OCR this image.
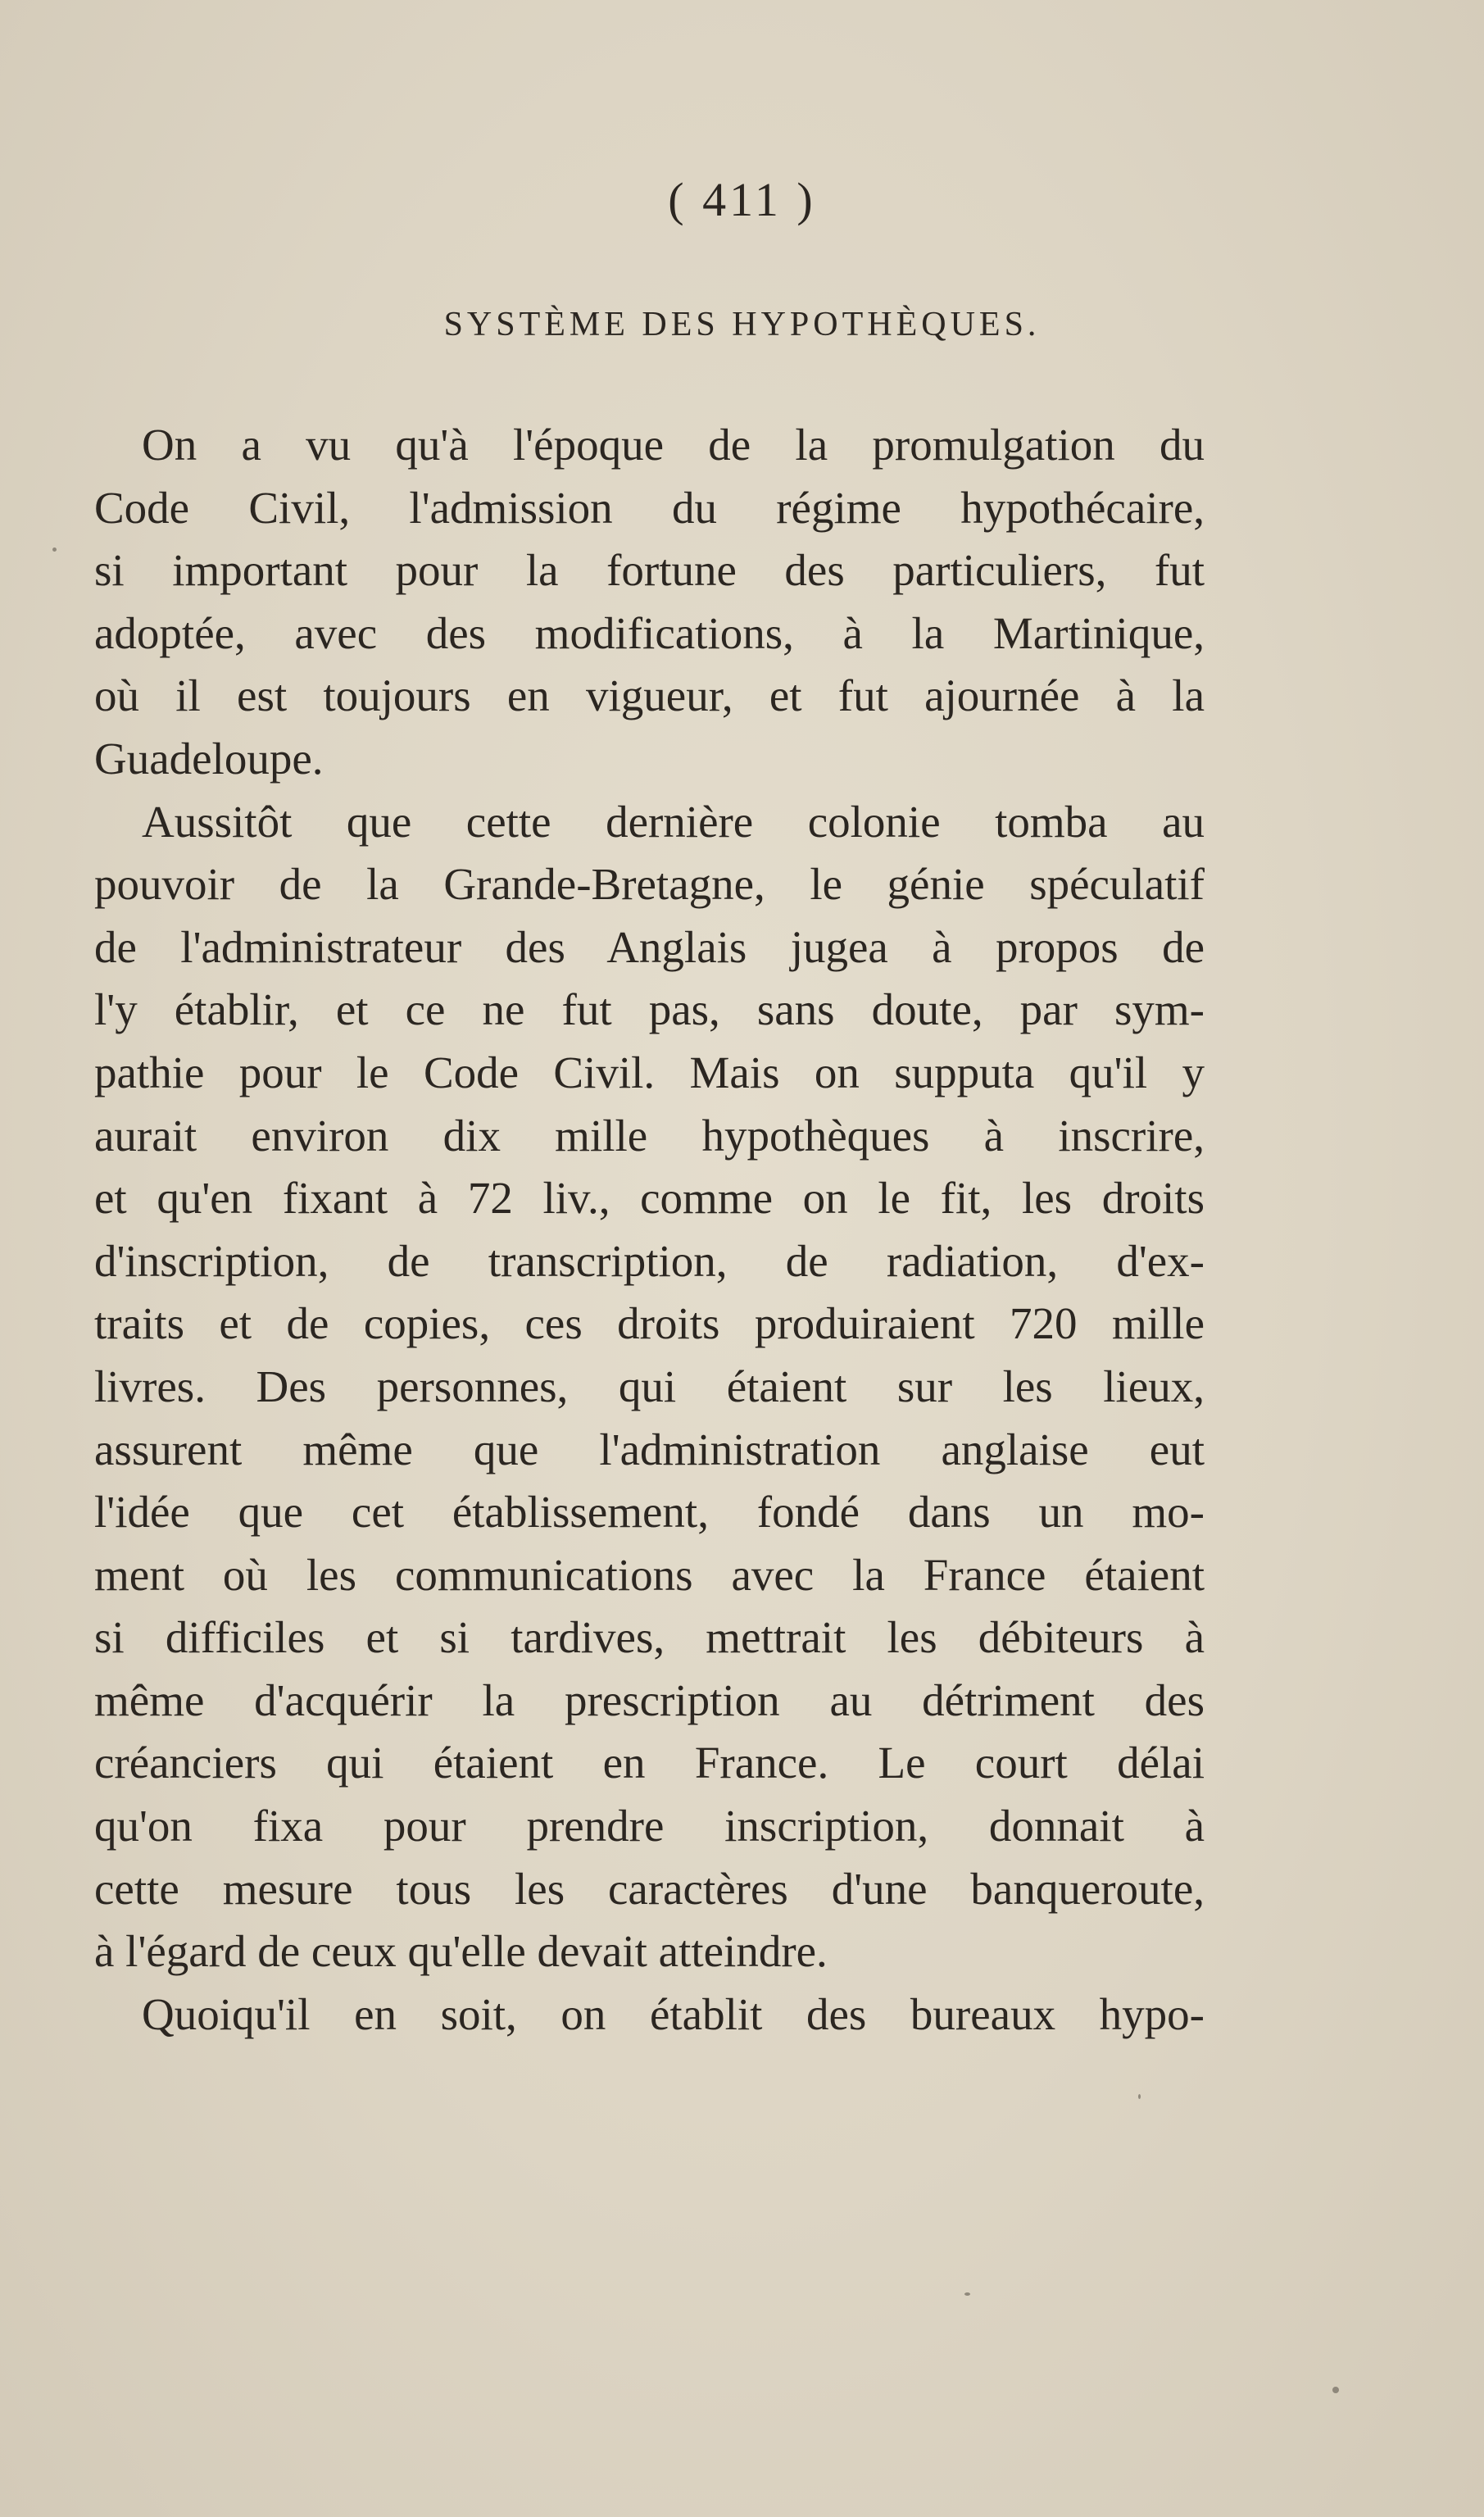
( 411 )
SYSTÈME DES HYPOTHÈQUES.
On a vu qu'à l'époque de la promulgation du
Code Civil, l'admission du régime hypothécaire,
si important pour la fortune des particuliers, fut
adoptée, avec des modifications, à la Martinique,
où il est toujours en vigueur, et fut ajournée à la
Guadeloupe.
Aussitôt que cette dernière colonie tomba au
pouvoir de la Grande-Bretagne, le génie spéculatif
de l'administrateur des Anglais jugea à propos de
l'y établir, et ce ne fut pas, sans doute, par sym-
pathie pour le Code Civil. Mais on supputa qu'il y
aurait environ dix mille hypothèques à inscrire,
et qu'en fixant à 72 liv., comme on le fit, les droits
d'inscription, de transcription, de radiation, d'ex-
traits et de copies, ces droits produiraient 720 mille
livres. Des personnes, qui étaient sur les lieux,
assurent même que l'administration anglaise eut
l'idée que cet établissement, fondé dans un mo-
ment où les communications avec la France étaient
si difficiles et si tardives, mettrait les débiteurs à
même d'acquérir la prescription au détriment des
créanciers qui étaient en France. Le court délai
qu'on fixa pour prendre inscription, donnait à
cette mesure tous les caractères d'une banqueroute,
à l'égard de ceux qu'elle devait atteindre.
Quoiqu'il en soit, on établit des bureaux hypo-
